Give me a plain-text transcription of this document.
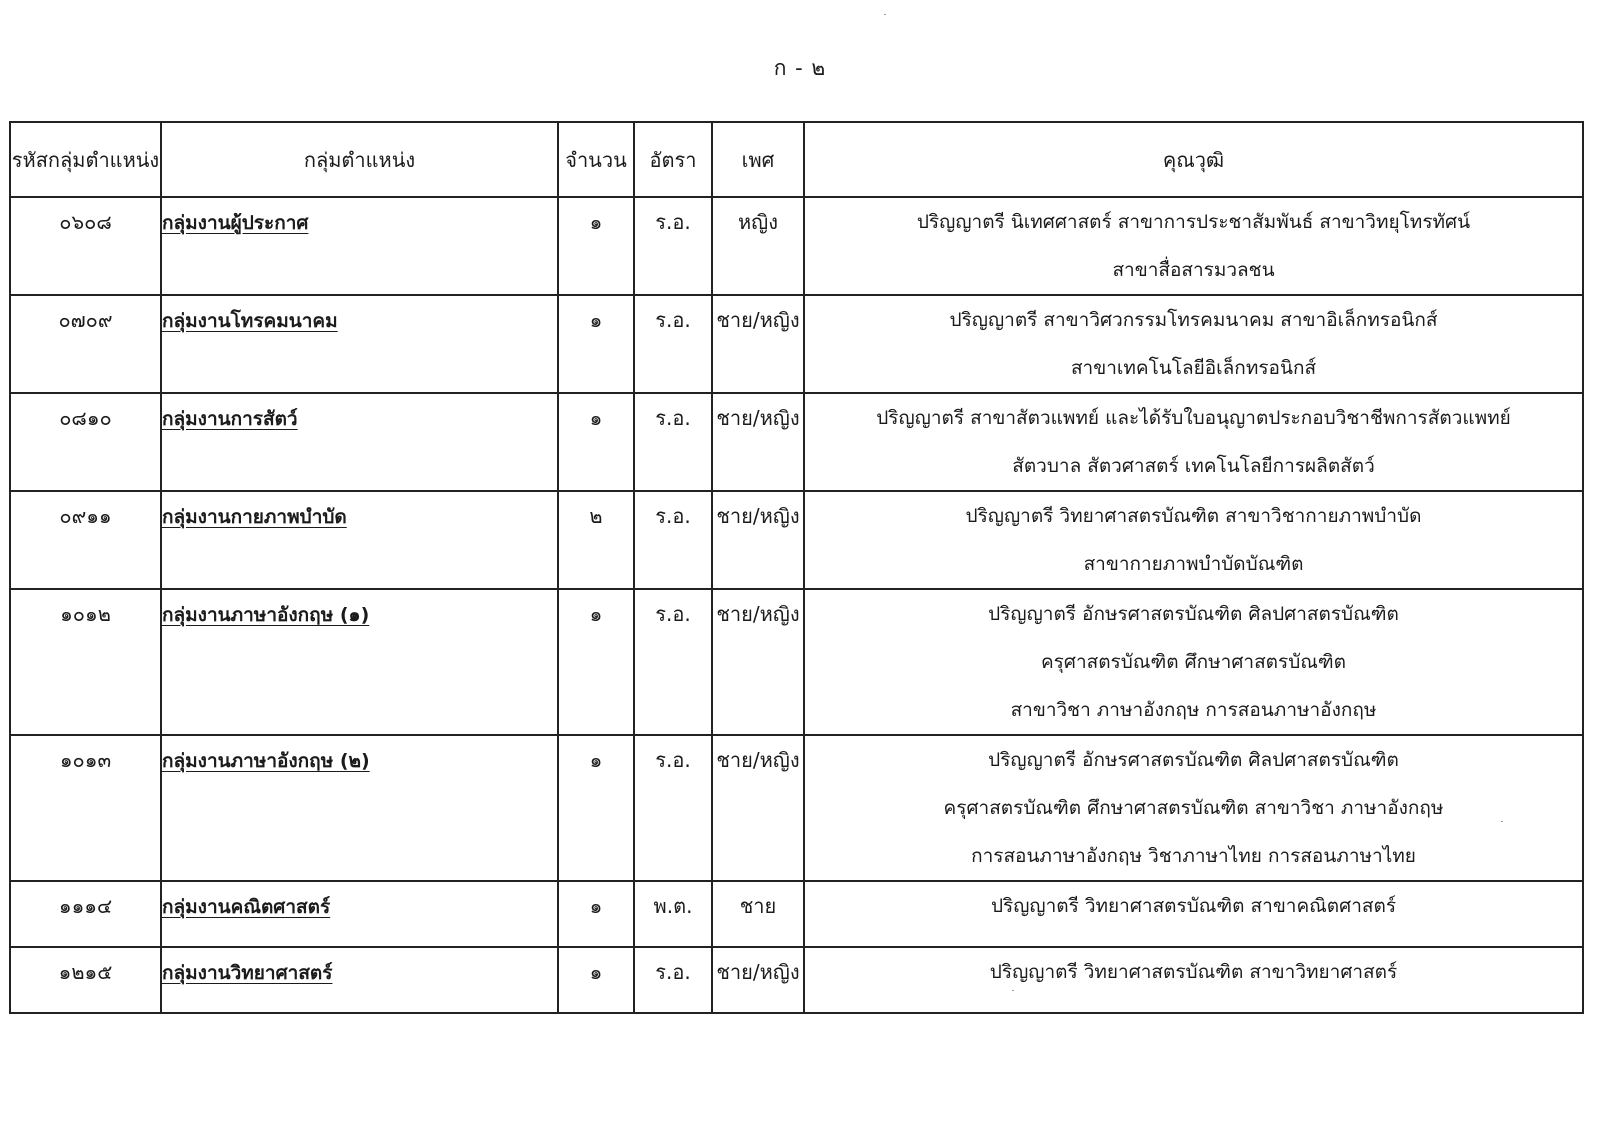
ก - ๒
รหัสกลุ่มตำแหน่ง	กลุ่มตำแหน่ง	จำนวน	อัตรา	เพศ	คุณวุฒิ
๐๖๐๘	กลุ่มงานผู้ประกาศ	๑	ร.อ.	หญิง	ปริญญาตรี นิเทศศาสตร์ สาขาการประชาสัมพันธ์ สาขาวิทยุโทรทัศน์
สาขาสื่อสารมวลชน

๐๗๐๙	กลุ่มงานโทรคมนาคม	๑	ร.อ.	ชาย/หญิง	ปริญญาตรี สาขาวิศวกรรมโทรคมนาคม สาขาอิเล็กทรอนิกส์
สาขาเทคโนโลยีอิเล็กทรอนิกส์

๐๘๑๐	กลุ่มงานการสัตว์	๑	ร.อ.	ชาย/หญิง	ปริญญาตรี สาขาสัตวแพทย์ และได้รับใบอนุญาตประกอบวิชาชีพการสัตวแพทย์
สัตวบาล สัตวศาสตร์ เทคโนโลยีการผลิตสัตว์

๐๙๑๑	กลุ่มงานกายภาพบำบัด	๒	ร.อ.	ชาย/หญิง	ปริญญาตรี วิทยาศาสตรบัณฑิต สาขาวิชากายภาพบำบัด
สาขากายภาพบำบัดบัณฑิต

๑๐๑๒	กลุ่มงานภาษาอังกฤษ (๑)	๑	ร.อ.	ชาย/หญิง	ปริญญาตรี อักษรศาสตรบัณฑิต ศิลปศาสตรบัณฑิต
ครุศาสตรบัณฑิต ศึกษาศาสตรบัณฑิต
สาขาวิชา ภาษาอังกฤษ การสอนภาษาอังกฤษ

๑๐๑๓	กลุ่มงานภาษาอังกฤษ (๒)	๑	ร.อ.	ชาย/หญิง	ปริญญาตรี อักษรศาสตรบัณฑิต ศิลปศาสตรบัณฑิต
ครุศาสตรบัณฑิต ศึกษาศาสตรบัณฑิต สาขาวิชา ภาษาอังกฤษ
การสอนภาษาอังกฤษ วิชาภาษาไทย การสอนภาษาไทย

๑๑๑๔	กลุ่มงานคณิตศาสตร์	๑	พ.ต.	ชาย	ปริญญาตรี วิทยาศาสตรบัณฑิต สาขาคณิตศาสตร์

๑๒๑๕	กลุ่มงานวิทยาศาสตร์	๑	ร.อ.	ชาย/หญิง	ปริญญาตรี วิทยาศาสตรบัณฑิต สาขาวิทยาศาสตร์
